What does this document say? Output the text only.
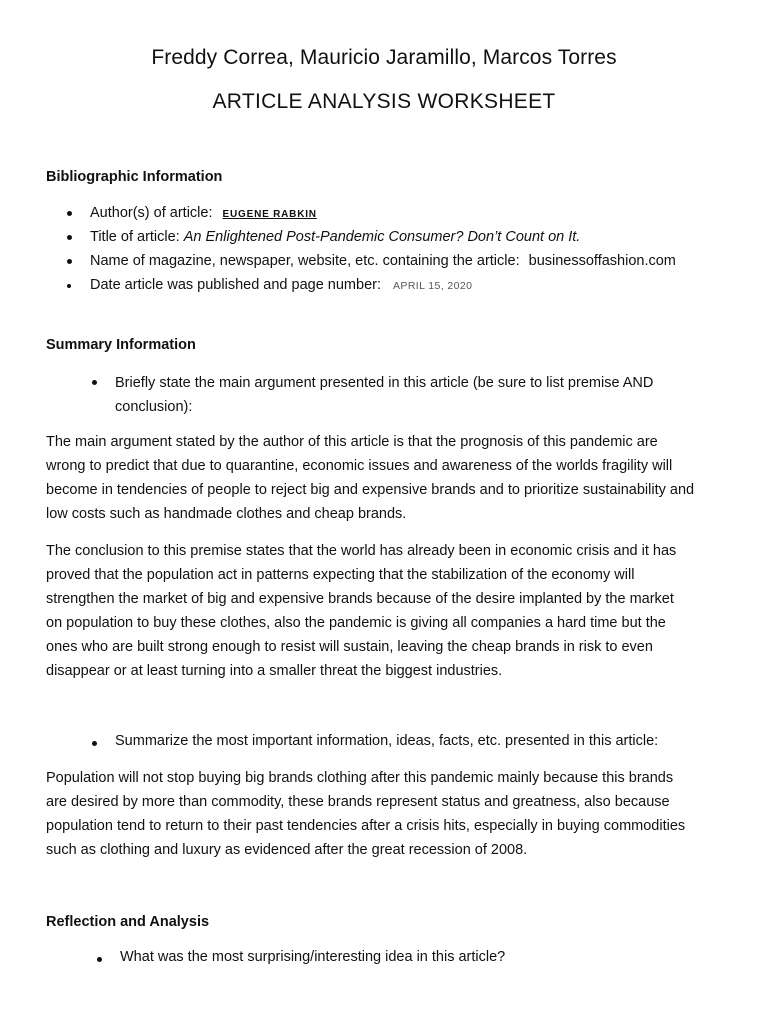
Freddy Correa, Mauricio Jaramillo, Marcos Torres
ARTICLE ANALYSIS WORKSHEET
Bibliographic Information
Author(s) of article: EUGENE RABKIN
Title of article: An Enlightened Post-Pandemic Consumer? Don’t Count on It.
Name of magazine, newspaper, website, etc. containing the article: businessoffashion.com
Date article was published and page number: APRIL 15, 2020
Summary Information
Briefly state the main argument presented in this article (be sure to list premise AND
conclusion):
The main argument stated by the author of this article is that the prognosis of this pandemic are
wrong to predict that due to quarantine, economic issues and awareness of the worlds fragility will
become in tendencies of people to reject big and expensive brands and to prioritize sustainability and
low costs such as handmade clothes and cheap brands.
The conclusion to this premise states that the world has already been in economic crisis and it has
proved that the population act in patterns expecting that the stabilization of the economy will
strengthen the market of big and expensive brands because of the desire implanted by the market
on population to buy these clothes, also the pandemic is giving all companies a hard time but the
ones who are built strong enough to resist will sustain, leaving the cheap brands in risk to even
disappear or at least turning into a smaller threat the biggest industries.
Summarize the most important information, ideas, facts, etc. presented in this article:
Population will not stop buying big brands clothing after this pandemic mainly because this brands
are desired by more than commodity, these brands represent status and greatness, also because
population tend to return to their past tendencies after a crisis hits, especially in buying commodities
such as clothing and luxury as evidenced after the great recession of 2008.
Reflection and Analysis
What was the most surprising/interesting idea in this article?
